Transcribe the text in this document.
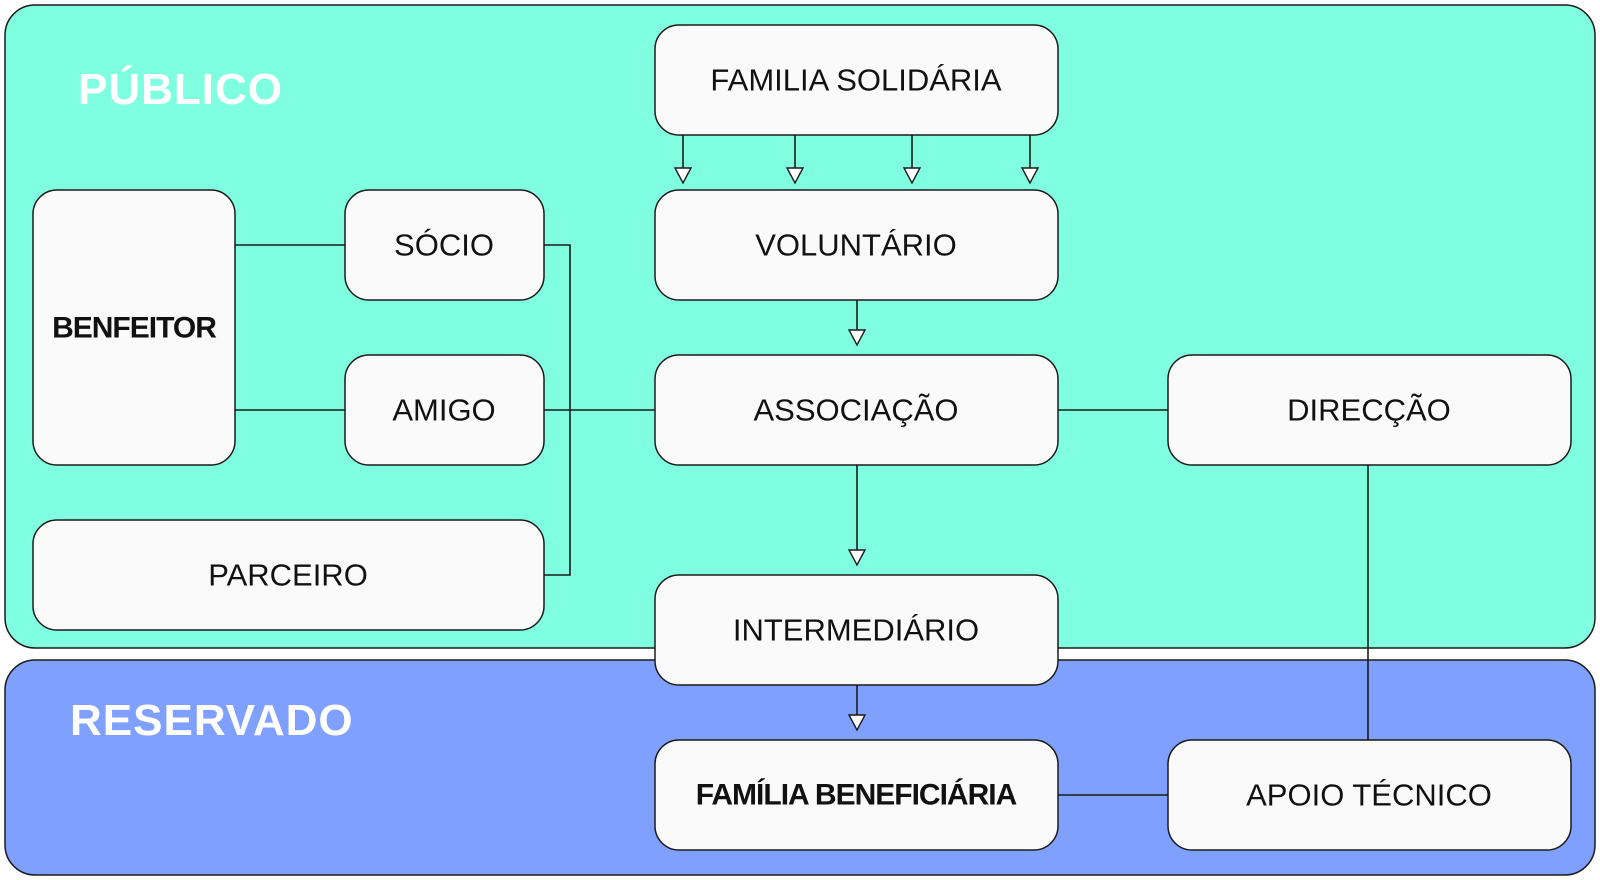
PÚBLICO
RESERVADO
FAMILIA SOLIDÁRIA
VOLUNTÁRIO
BENFEITOR
SÓCIO
AMIGO
PARCEIRO
ASSOCIAÇÃO	DIRECÇÃO
INTERMEDIÁRIO
FAMÍLIA BENEFICIÁRIA	APOIO TÉCNICO
